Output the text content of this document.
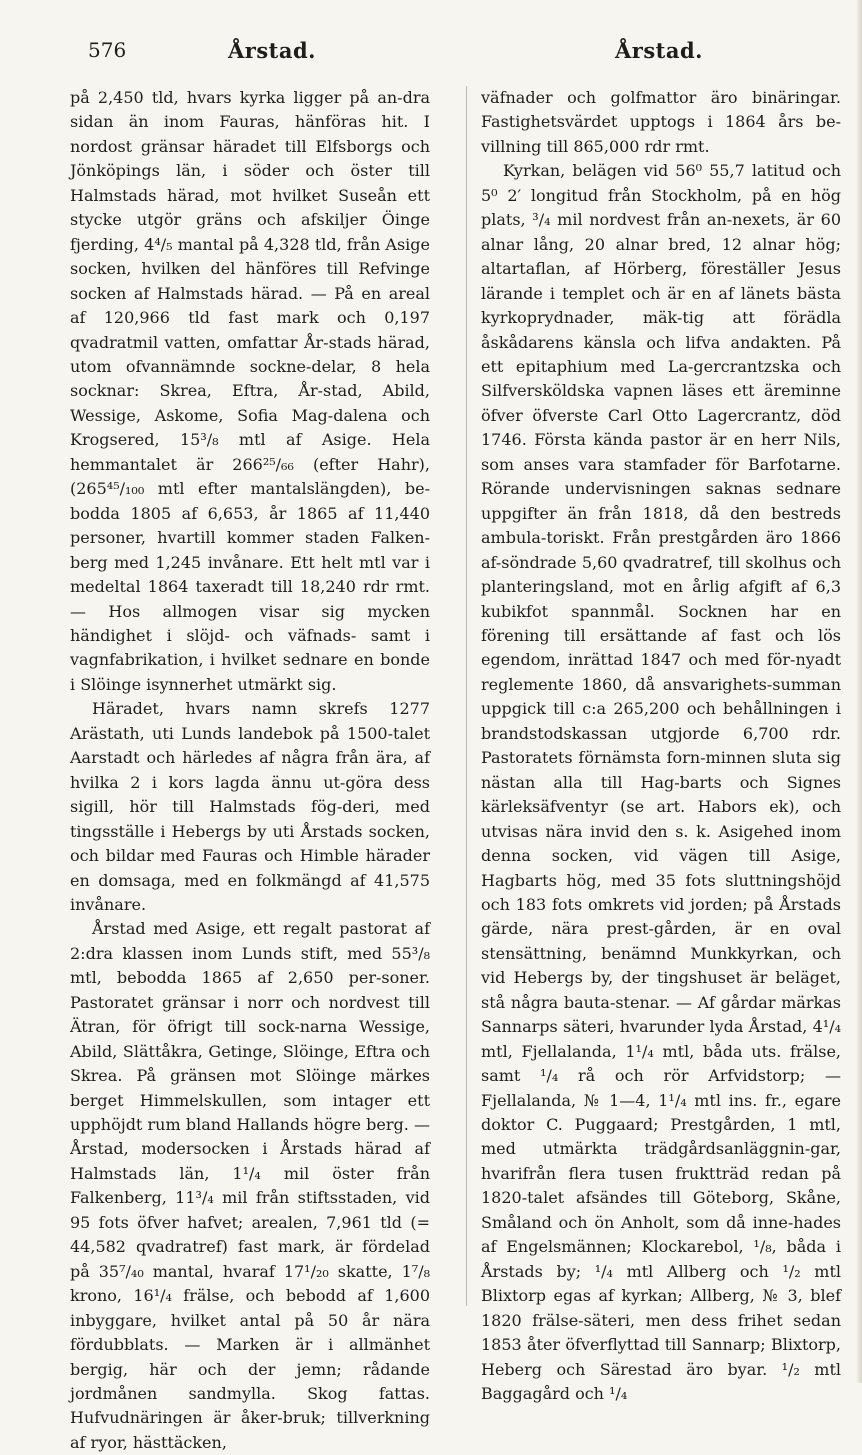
576	Årstad.	Årstad.

på 2,450 tld, hvars kyrka ligger på an-dra sidan än inom Fauras, hänföras hit. I nordost gränsar häradet till Elfsborgs och Jönköpings län, i söder och öster till Halmstads härad, mot hvilket Suseån ett stycke utgör gräns och afskiljer Öinge fjerding, 4⁴/₅ mantal på 4,328 tld, från Asige socken, hvilken del hänföres till Refvinge socken af Halmstads härad. — På en areal af 120,966 tld fast mark och 0,197 qvadratmil vatten, omfattar År-stads härad, utom ofvannämnde sockne-delar, 8 hela socknar: Skrea, Eftra, År-stad, Abild, Wessige, Askome, Sofia Mag-dalena och Krogsered, 15³/₈ mtl af Asige. Hela hemmantalet är 266²⁵/₆₆ (efter Hahr), (265⁴⁵/₁₀₀ mtl efter mantalslängden), be-bodda 1805 af 6,653, år 1865 af 11,440 personer, hvartill kommer staden Falken-berg med 1,245 invånare. Ett helt mtl var i medeltal 1864 taxeradt till 18,240 rdr rmt. — Hos allmogen visar sig mycken händighet i slöjd- och väfnads- samt i vagnfabrikation, i hvilket sednare en bonde i Slöinge isynnerhet utmärkt sig.

Häradet, hvars namn skrefs 1277 Arästath, uti Lunds landebok på 1500-talet Aarstadt och härledes af några från ära, af hvilka 2 i kors lagda ännu ut-göra dess sigill, hör till Halmstads fög-deri, med tingsställe i Hebergs by uti Årstads socken, och bildar med Fauras och Himble härader en domsaga, med en folkmängd af 41,575 invånare.

Årstad med Asige, ett regalt pastorat af 2:dra klassen inom Lunds stift, med 55³/₈ mtl, bebodda 1865 af 2,650 per-soner. Pastoratet gränsar i norr och nordvest till Ätran, för öfrigt till sock-narna Wessige, Abild, Slättåkra, Getinge, Slöinge, Eftra och Skrea. På gränsen mot Slöinge märkes berget Himmelskullen, som intager ett upphöjdt rum bland Hallands högre berg. — Årstad, modersocken i Årstads härad af Halmstads län, 1¹/₄ mil öster från Falkenberg, 11³/₄ mil från stiftsstaden, vid 95 fots öfver hafvet; arealen, 7,961 tld (= 44,582 qvadratref) fast mark, är fördelad på 35⁷/₄₀ mantal, hvaraf 17¹/₂₀ skatte, 1⁷/₈ krono, 16¹/₄ frälse, och bebodd af 1,600 inbyggare, hvilket antal på 50 år nära fördubblats. — Marken är i allmänhet bergig, här och der jemn; rådande jordmånen sandmylla. Skog fattas. Hufvudnäringen är åker-bruk; tillverkning af ryor, hästtäcken,

väfnader och golfmattor äro binäringar. Fastighetsvärdet upptogs i 1864 års be-villning till 865,000 rdr rmt.

Kyrkan, belägen vid 56⁰ 55,7 latitud och 5⁰ 2′ longitud från Stockholm, på en hög plats, ³/₄ mil nordvest från an-nexets, är 60 alnar lång, 20 alnar bred, 12 alnar hög; altartaflan, af Hörberg, föreställer Jesus lärande i templet och är en af länets bästa kyrkoprydnader, mäk-tig att förädla åskådarens känsla och lifva andakten. På ett epitaphium med La-gercrantzska och Silfversköldska vapnen läses ett äreminne öfver öfverste Carl Otto Lagercrantz, död 1746. Första kända pastor är en herr Nils, som anses vara stamfader för Barfotarne. Rörande undervisningen saknas sednare uppgifter än från 1818, då den bestreds ambula-toriskt. Från prestgården äro 1866 af-söndrade 5,60 qvadratref, till skolhus och planteringsland, mot en årlig afgift af 6,3 kubikfot spannmål. Socknen har en förening till ersättande af fast och lös egendom, inrättad 1847 och med för-nyadt reglemente 1860, då ansvarighets-summan uppgick till c:a 265,200 och behållningen i brandstodskassan utgjorde 6,700 rdr. Pastoratets förnämsta forn-minnen sluta sig nästan alla till Hag-barts och Signes kärleksäfventyr (se art. Habors ek), och utvisas nära invid den s. k. Asigehed inom denna socken, vid vägen till Asige, Hagbarts hög, med 35 fots sluttningshöjd och 183 fots omkrets vid jorden; på Årstads gärde, nära prest-gården, är en oval stensättning, benämnd Munkkyrkan, och vid Hebergs by, der tingshuset är beläget, stå några bauta-stenar. — Af gårdar märkas Sannarps säteri, hvarunder lyda Årstad, 4¹/₄ mtl, Fjellalanda, 1¹/₄ mtl, båda uts. frälse, samt ¹/₄ rå och rör Arfvidstorp; — Fjellalanda, № 1—4, 1¹/₄ mtl ins. fr., egare doktor C. Puggaard; Prestgården, 1 mtl, med utmärkta trädgårdsanläggnin-gar, hvarifrån flera tusen fruktträd redan på 1820-talet afsändes till Göteborg, Skåne, Småland och ön Anholt, som då inne-hades af Engelsmännen; Klockarebol, ¹/₈, båda i Årstads by; ¹/₄ mtl Allberg och ¹/₂ mtl Blixtorp egas af kyrkan; Allberg, № 3, blef 1820 frälse-säteri, men dess frihet sedan 1853 åter öfverflyttad till Sannarp; Blixtorp, Heberg och Särestad äro byar. ¹/₂ mtl Baggagård och ¹/₄
